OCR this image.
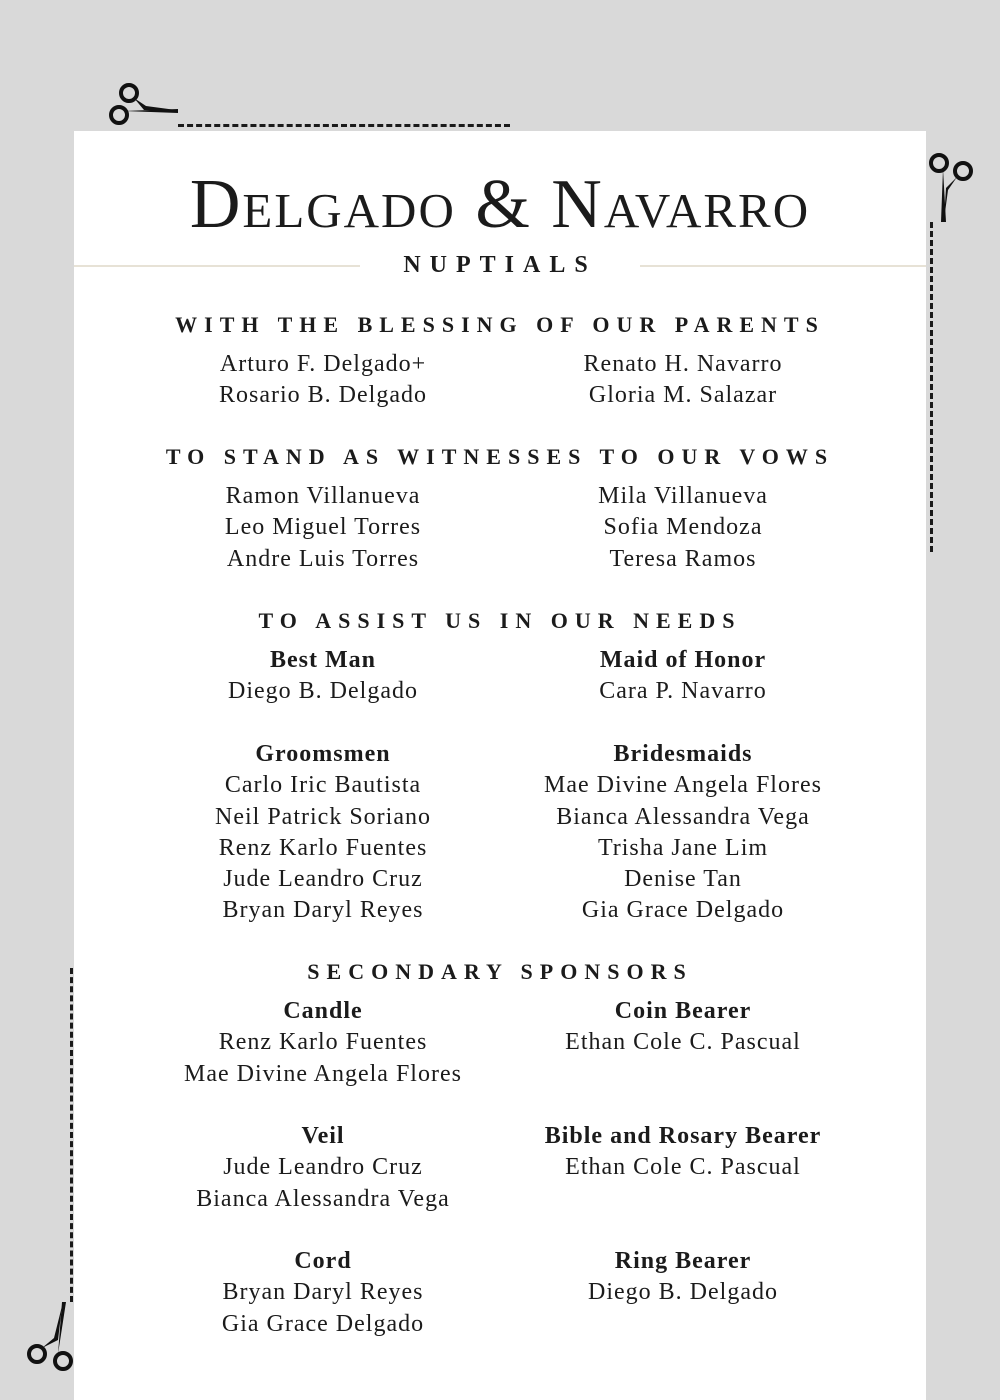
Delgado & Navarro
NUPTIALS
WITH THE BLESSING OF OUR PARENTS
Arturo F. Delgado+
Rosario B. Delgado
Renato H. Navarro
Gloria M. Salazar
TO STAND AS WITNESSES TO OUR VOWS
Ramon Villanueva
Leo Miguel Torres
Andre Luis Torres
Mila Villanueva
Sofia Mendoza
Teresa Ramos
TO ASSIST US IN OUR NEEDS
Best Man
Diego B. Delgado
Maid of Honor
Cara P. Navarro
Groomsmen
Carlo Iric Bautista
Neil Patrick Soriano
Renz Karlo Fuentes
Jude Leandro Cruz
Bryan Daryl Reyes
Bridesmaids
Mae Divine Angela Flores
Bianca Alessandra Vega
Trisha Jane Lim
Denise Tan
Gia Grace Delgado
SECONDARY SPONSORS
Candle
Renz Karlo Fuentes
Mae Divine Angela Flores
Coin Bearer
Ethan Cole C. Pascual
Veil
Jude Leandro Cruz
Bianca Alessandra Vega
Bible and Rosary Bearer
Ethan Cole C. Pascual
Cord
Bryan Daryl Reyes
Gia Grace Delgado
Ring Bearer
Diego B. Delgado
